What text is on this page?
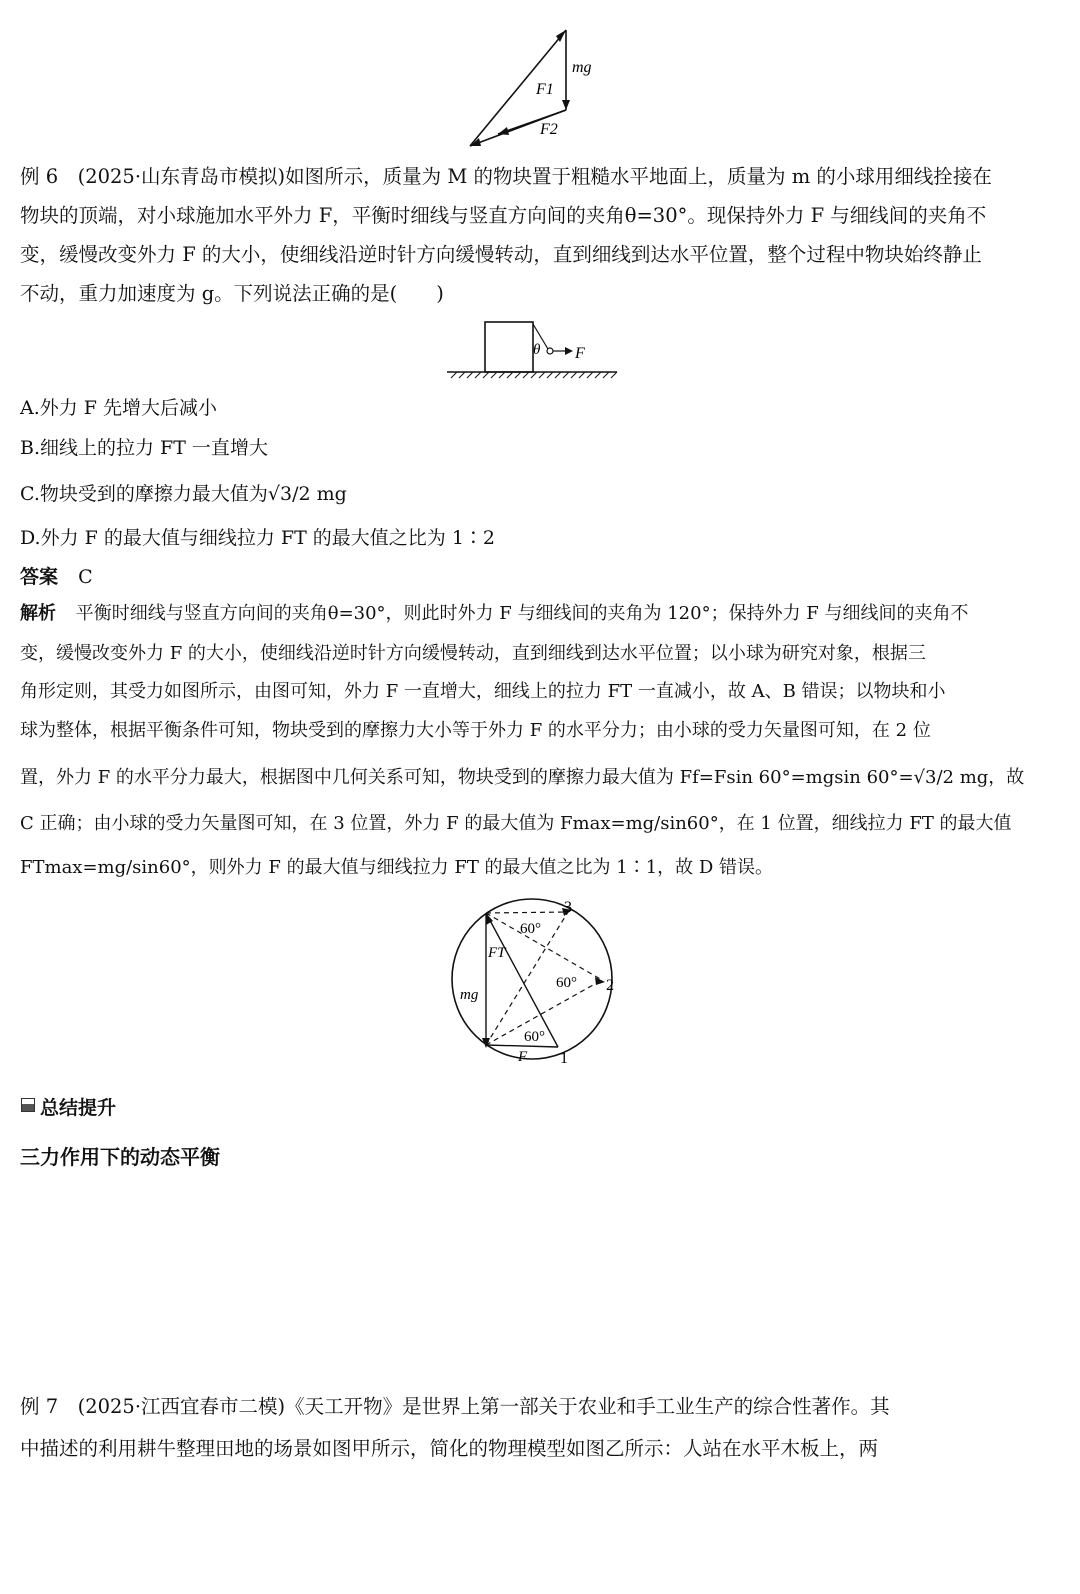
mg
F1
F2
例 6　(2025·山东青岛市模拟)如图所示，质量为 M 的物块置于粗糙水平地面上，质量为 m 的小球用细线拴接在
物块的顶端，对小球施加水平外力 F，平衡时细线与竖直方向间的夹角θ=30°。现保持外力 F 与细线间的夹角不
变，缓慢改变外力 F 的大小，使细线沿逆时针方向缓慢转动，直到细线到达水平位置，整个过程中物块始终静止
不动，重力加速度为 g。下列说法正确的是(　　)
θ F
A.外力 F 先增大后减小
B.细线上的拉力 FT 一直增大
C.物块受到的摩擦力最大值为√3/2 mg
D.外力 F 的最大值与细线拉力 FT 的最大值之比为 1∶2
答案 C
解析 平衡时细线与竖直方向间的夹角θ=30°，则此时外力 F 与细线间的夹角为 120°；保持外力 F 与细线间的夹角不
变，缓慢改变外力 F 的大小，使细线沿逆时针方向缓慢转动，直到细线到达水平位置；以小球为研究对象，根据三
角形定则，其受力如图所示，由图可知，外力 F 一直增大，细线上的拉力 FT 一直减小，故 A、B 错误；以物块和小
球为整体，根据平衡条件可知，物块受到的摩擦力大小等于外力 F 的水平分力；由小球的受力矢量图可知，在 2 位
置，外力 F 的水平分力最大，根据图中几何关系可知，物块受到的摩擦力最大值为 Ff=Fsin 60°=mgsin 60°=√3/2 mg，故
C 正确；由小球的受力矢量图可知，在 3 位置，外力 F 的最大值为 Fmax=mg/sin60°，在 1 位置，细线拉力 FT 的最大值
FTmax=mg/sin60°，则外力 F 的最大值与细线拉力 FT 的最大值之比为 1∶1，故 D 错误。
3
2
1
60°
60°
60°
FT
mg
F
总结提升
三力作用下的动态平衡
例 7　(2025·江西宜春市二模)《天工开物》是世界上第一部关于农业和手工业生产的综合性著作。其
中描述的利用耕牛整理田地的场景如图甲所示，简化的物理模型如图乙所示：人站在水平木板上，两
